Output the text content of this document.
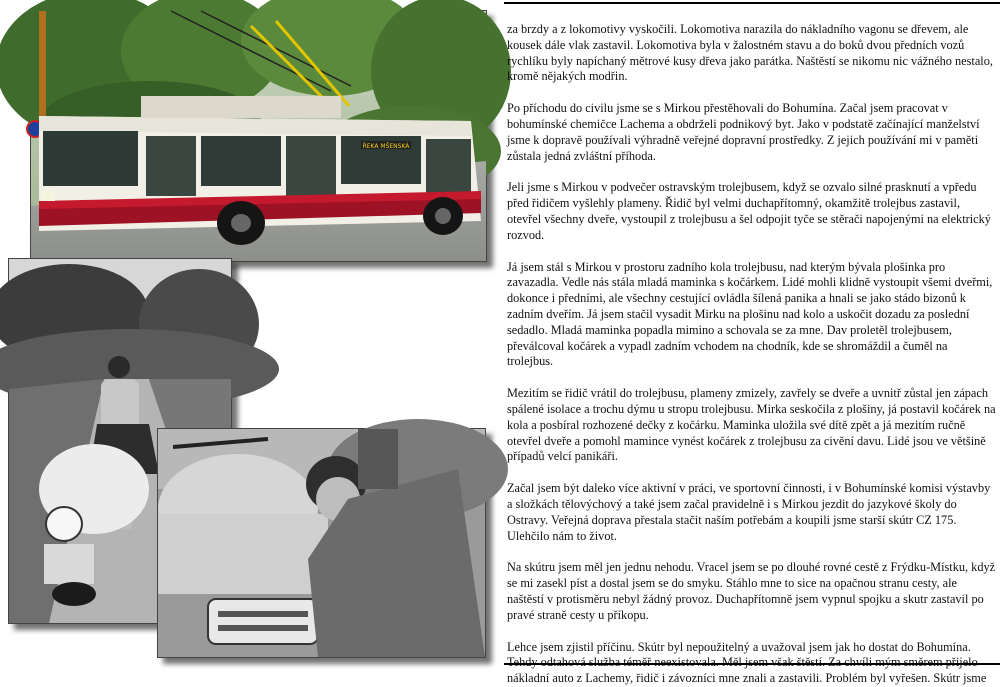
ŘEKA MŠENSKÁ

za brzdy a z lokomotivy vyskočili. Lokomotiva narazila do nákladního vagonu se dřevem, ale kousek dále vlak zastavil. Lokomotiva byla v žalostném stavu a do boků dvou předních vozů rychlíku byly napíchaný mětrové kusy dřeva jako parátka. Naštěstí se nikomu nic vážného nestalo, kromě nějakých modřin.

Po příchodu do civilu jsme se s Mirkou přestěhovali do Bohumína. Začal jsem pracovat v bohumínské chemičce Lachema a obdrželi podnikový byt. Jako v podstatě začínající manželství jsme k dopravě používali výhradně veřejné dopravní prostředky. Z jejich používání mi v paměti zůstala jedná zvláštní příhoda.

Jeli jsme s Mirkou v podvečer ostravským trolejbusem, když se ozvalo silné prasknutí a vpředu před řidičem vyšlehly plameny. Řidič byl velmi duchapřítomný, okamžitě trolejbus zastavil, otevřel všechny dveře, vystoupil z trolejbusu a šel odpojit tyče se stěrači napojenými na elektrický rozvod.

Já jsem stál s Mirkou v prostoru zadního kola trolejbusu, nad kterým bývala plošinka pro zavazadla. Vedle nás stála mladá maminka s kočárkem. Lidé mohli klidně vystoupit všemi dveřmi, dokonce i předními, ale všechny cestující ovládla šílená panika a hnali se jako stádo bizonů k zadním dveřím. Já jsem stačil vysadit Mirku na plošinu nad kolo a uskočit dozadu za poslední sedadlo. Mladá maminka popadla mimino a schovala se za mne. Dav proletěl trolejbusem, převálcoval kočárek a vypadl zadním vchodem na chodník, kde se shromáždil a čuměl na trolejbus.

Mezitím se řidič vrátil do trolejbusu, plameny zmizely, zavřely se dveře a uvnitř zůstal jen zápach spálené isolace a trochu dýmu u stropu trolejbusu. Mirka seskočila z plošiny, já postavil kočárek na kola a posbíral rozhozené dečky z kočárku. Maminka uložila své dítě zpět a já mezitím ručně otevřel dveře a pomohl mamince vynést kočárek z trolejbusu za civění davu. Lidé jsou ve většině případů velcí panikáři.

Začal jsem být daleko více aktivní v práci, ve sportovní činnosti, i v Bohumínské komisi výstavby a složkách tělovýchový a také jsem začal pravidelně i s Mirkou jezdit do jazykové školy do Ostravy. Veřejná doprava přestala stačit naším potřebám a koupili jsme starší skútr CZ 175. Ulehčilo nám to život.

Na skútru jsem měl jen jednu nehodu. Vracel jsem se po dlouhé rovné cestě z Frýdku-Místku, když se mi zasekl píst a dostal jsem se do smyku. Stáhlo mne to sice na opačnou stranu cesty, ale naštěstí v protisměru nebyl žádný provoz. Duchapřítomně jsem vypnul spojku a skutr zastavil po pravé straně cesty u příkopu.

Lehce jsem zjistil příčinu. Skútr byl nepoužitelný a uvažoval jsem jak ho dostat do Bohumína. Tehdy odtahová služba téměř neexistovala. Měl jsem však štěstí. Za chvíli mým směrem přijelo nákladní auto z Lachemy, řidič i závozníci mne znali a zastavili. Problém byl vyřešen. Skútr jsme
